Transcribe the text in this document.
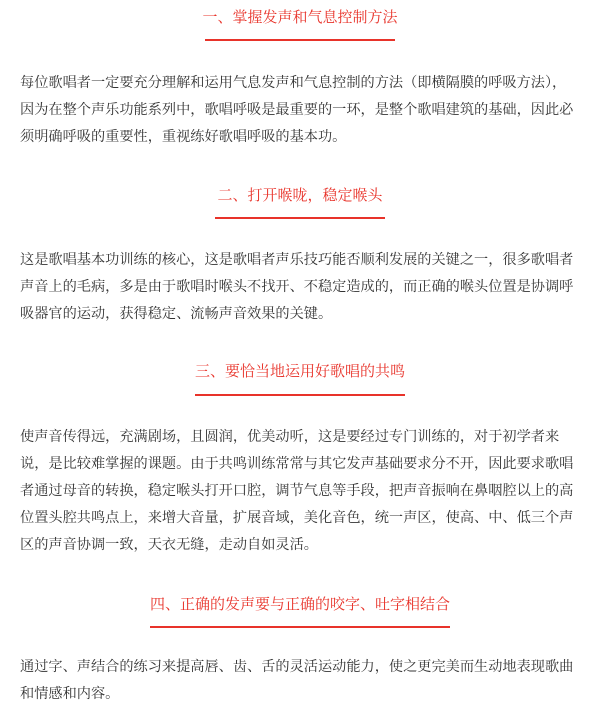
一、掌握发声和气息控制方法
每位歌唱者一定要充分理解和运用气息发声和气息控制的方法（即横隔膜的呼吸方法），
因为在整个声乐功能系列中，歌唱呼吸是最重要的一环，是整个歌唱建筑的基础，因此必
须明确呼吸的重要性，重视练好歌唱呼吸的基本功。
二、打开喉咙，稳定喉头
这是歌唱基本功训练的核心，这是歌唱者声乐技巧能否顺利发展的关键之一，很多歌唱者
声音上的毛病，多是由于歌唱时喉头不找开、不稳定造成的，而正确的喉头位置是协调呼
吸器官的运动，获得稳定、流畅声音效果的关键。
三、要恰当地运用好歌唱的共鸣
使声音传得远，充满剧场，且圆润，优美动听，这是要经过专门训练的，对于初学者来
说，是比较难掌握的课题。由于共鸣训练常常与其它发声基础要求分不开，因此要求歌唱
者通过母音的转换，稳定喉头打开口腔，调节气息等手段，把声音振响在鼻咽腔以上的高
位置头腔共鸣点上，来增大音量，扩展音域，美化音色，统一声区，使高、中、低三个声
区的声音协调一致，天衣无缝，走动自如灵活。
四、正确的发声要与正确的咬字、吐字相结合
通过字、声结合的练习来提高唇、齿、舌的灵活运动能力，使之更完美而生动地表现歌曲
和情感和内容。
